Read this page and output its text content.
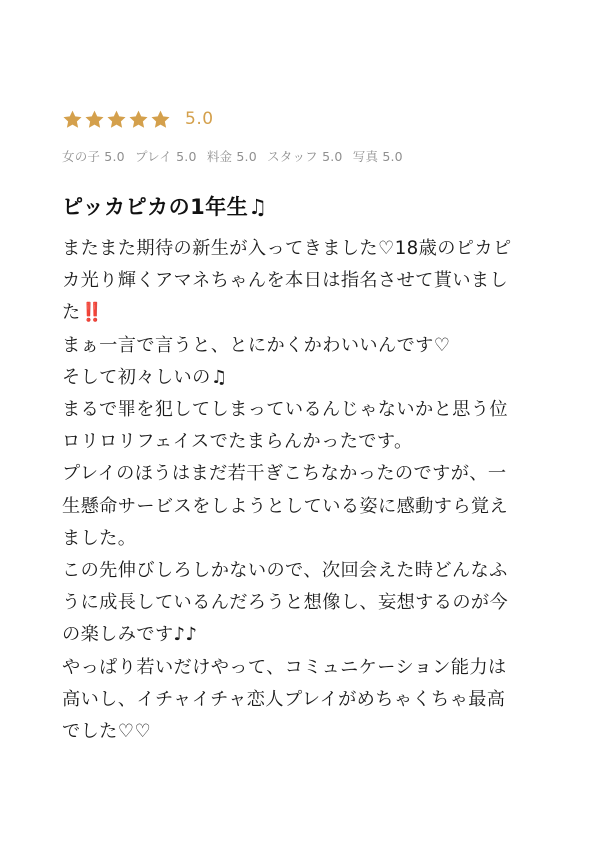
5.0
女の子 5.0 プレイ 5.0 料金 5.0 スタッフ 5.0 写真 5.0
ピッカピカの1年生♫
またまた期待の新生が入ってきました♡18歳のピカピ
カ光り輝くアマネちゃんを本日は指名させて貰いまし
た‼️
まぁ一言で言うと、とにかくかわいいんです♡
そして初々しいの♫
まるで罪を犯してしまっているんじゃないかと思う位
ロリロリフェイスでたまらんかったです。
プレイのほうはまだ若干ぎこちなかったのですが、一
生懸命サービスをしようとしている姿に感動すら覚え
ました。
この先伸びしろしかないので、次回会えた時どんなふ
うに成長しているんだろうと想像し、妄想するのが今
の楽しみです♪♪
やっぱり若いだけやって、コミュニケーション能力は
高いし、イチャイチャ恋人プレイがめちゃくちゃ最高
でした♡♡
